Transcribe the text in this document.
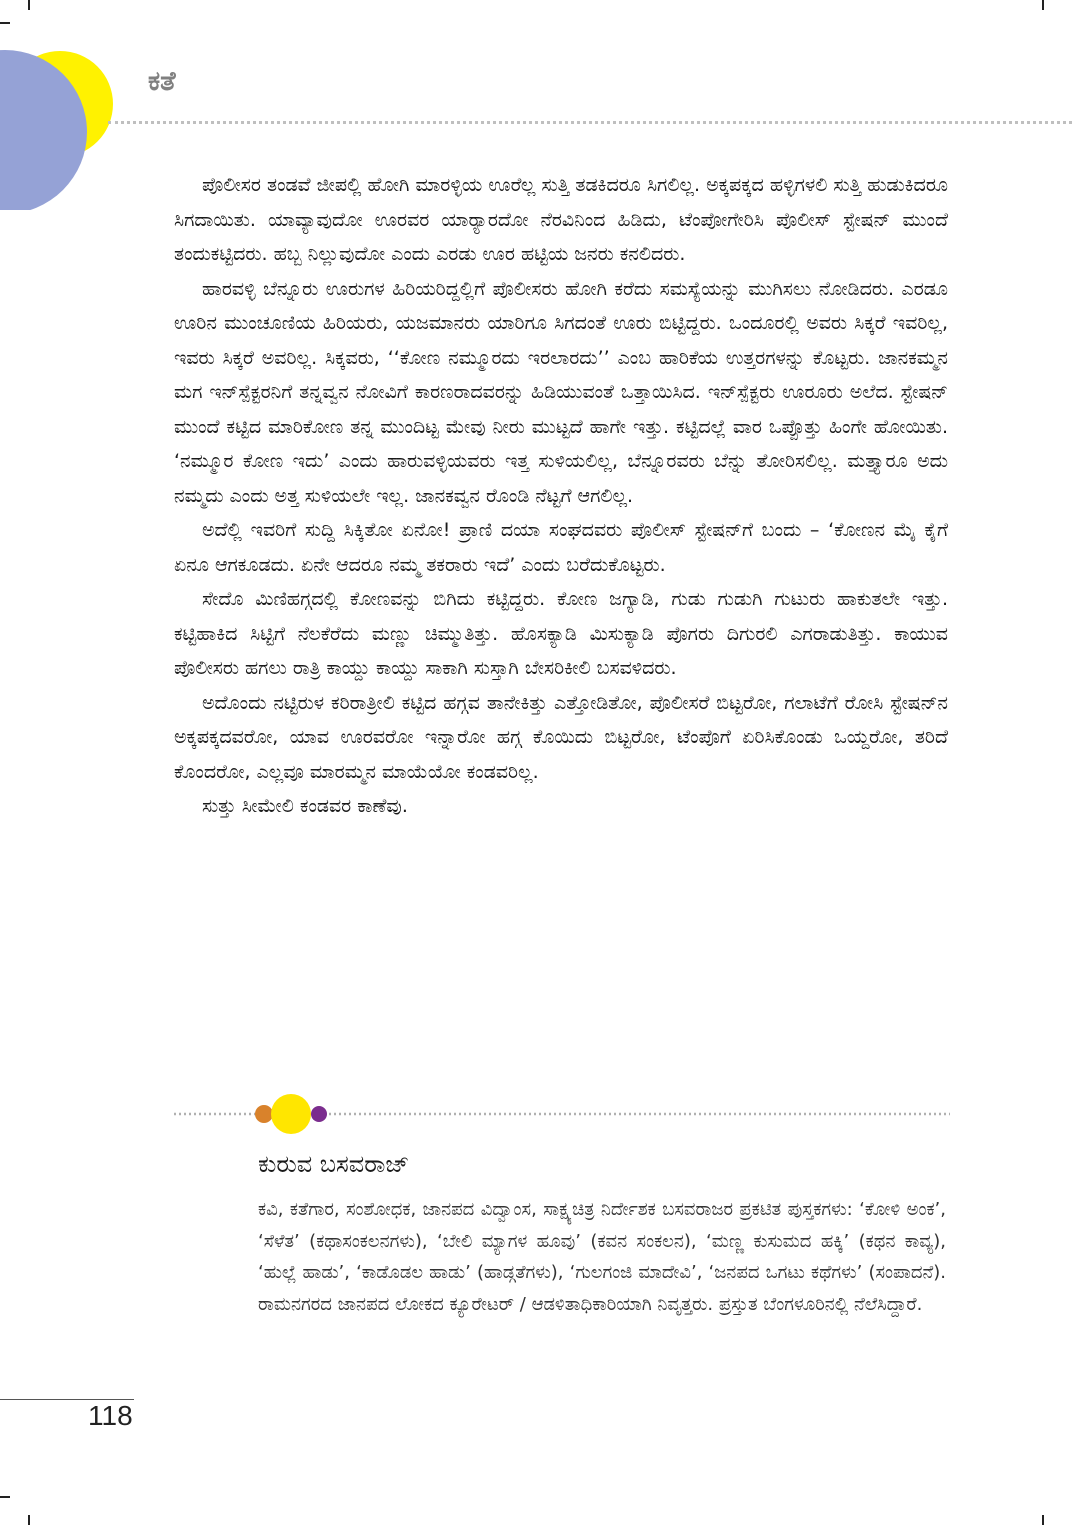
ಕತೆ

ಪೊಲೀಸರ ತಂಡವೆ ಜೀಪಲ್ಲಿ ಹೋಗಿ ಮಾರಳ್ಳಿಯ ಊರೆಲ್ಲ ಸುತ್ತಿ ತಡಕಿದರೂ ಸಿಗಲಿಲ್ಲ. ಅಕ್ಕಪಕ್ಕದ ಹಳ್ಳಿಗಳಲಿ ಸುತ್ತಿ ಹುಡುಕಿದರೂ ಸಿಗದಾಯಿತು. ಯಾವ್ಯಾವುದೋ ಊರವರ ಯಾರ್‍ಯಾರದೋ ನೆರವಿನಿಂದ ಹಿಡಿದು, ಟೆಂಪೋಗೇರಿಸಿ ಪೊಲೀಸ್ ಸ್ಟೇಷನ್ ಮುಂದೆ ತಂದುಕಟ್ಟಿದರು. ಹಬ್ಬ ನಿಲ್ಲುವುದೋ ಎಂದು ಎರಡು ಊರ ಹಟ್ಟಿಯ ಜನರು ಕನಲಿದರು.

ಹಾರವಳ್ಳಿ ಬೆನ್ನೂರು ಊರುಗಳ ಹಿರಿಯರಿದ್ದಲ್ಲಿಗೆ ಪೊಲೀಸರು ಹೋಗಿ ಕರೆದು ಸಮಸ್ಯೆಯನ್ನು ಮುಗಿಸಲು ನೋಡಿದರು. ಎರಡೂ ಊರಿನ ಮುಂಚೂಣಿಯ ಹಿರಿಯರು, ಯಜಮಾನರು ಯಾರಿಗೂ ಸಿಗದಂತೆ ಊರು ಬಿಟ್ಟಿದ್ದರು. ಒಂದೂರಲ್ಲಿ ಅವರು ಸಿಕ್ಕರೆ ಇವರಿಲ್ಲ, ಇವರು ಸಿಕ್ಕರೆ ಅವರಿಲ್ಲ. ಸಿಕ್ಕವರು, ‘‘ಕೋಣ ನಮ್ಮೂರದು ಇರಲಾರದು’’ ಎಂಬ ಹಾರಿಕೆಯ ಉತ್ತರಗಳನ್ನು ಕೊಟ್ಟರು. ಜಾನಕಮ್ಮನ ಮಗ ಇನ್‌ಸ್ಪೆಕ್ಟರನಿಗೆ ತನ್ನವ್ವನ ನೋವಿಗೆ ಕಾರಣರಾದವರನ್ನು ಹಿಡಿಯುವಂತೆ ಒತ್ತಾಯಿಸಿದ. ಇನ್‌ಸ್ಪೆಕ್ಟರು ಊರೂರು ಅಲೆದ. ಸ್ಟೇಷನ್ ಮುಂದೆ ಕಟ್ಟಿದ ಮಾರಿಕೋಣ ತನ್ನ ಮುಂದಿಟ್ಟ ಮೇವು ನೀರು ಮುಟ್ಟದೆ ಹಾಗೇ ಇತ್ತು. ಕಟ್ಟಿದಲ್ಲೆ ವಾರ ಒಪ್ಪೊತ್ತು ಹಿಂಗೇ ಹೋಯಿತು. ‘ನಮ್ಮೂರ ಕೋಣ ಇದು’ ಎಂದು ಹಾರುವಳ್ಳಿಯವರು ಇತ್ತ ಸುಳಿಯಲಿಲ್ಲ, ಬೆನ್ನೂರವರು ಬೆನ್ನು ತೋರಿಸಲಿಲ್ಲ. ಮತ್ತ್ಯಾರೂ ಅದು ನಮ್ಮದು ಎಂದು ಅತ್ತ ಸುಳಿಯಲೇ ಇಲ್ಲ. ಜಾನಕವ್ವನ ರೊಂಡಿ ನೆಟ್ಟಗೆ ಆಗಲಿಲ್ಲ.

ಅದೆಲ್ಲಿ ಇವರಿಗೆ ಸುದ್ದಿ ಸಿಕ್ಕಿತೋ ಏನೋ! ಪ್ರಾಣಿ ದಯಾ ಸಂಘದವರು ಪೊಲೀಸ್ ಸ್ಟೇಷನ್‌ಗೆ ಬಂದು – ‘ಕೋಣನ ಮೈ ಕೈಗೆ ಏನೂ ಆಗಕೂಡದು. ಏನೇ ಆದರೂ ನಮ್ಮ ತಕರಾರು ಇದೆ’ ಎಂದು ಬರೆದುಕೊಟ್ಟರು.

ಸೇದೊ ಮಿಣಿಹಗ್ಗದಲ್ಲಿ ಕೋಣವನ್ನು ಬಿಗಿದು ಕಟ್ಟಿದ್ದರು. ಕೋಣ ಜಗ್ಯಾಡಿ, ಗುಡು ಗುಡುಗಿ ಗುಟುರು ಹಾಕುತಲೇ ಇತ್ತು. ಕಟ್ಟಿಹಾಕಿದ ಸಿಟ್ಟಿಗೆ ನೆಲಕೆರೆದು ಮಣ್ಣು ಚಿಮ್ಮುತಿತ್ತು. ಹೊಸಕ್ಯಾಡಿ ಮಿಸುಕ್ಯಾಡಿ ಪೊಗರು ದಿಗುರಲಿ ಎಗರಾಡುತಿತ್ತು. ಕಾಯುವ ಪೊಲೀಸರು ಹಗಲು ರಾತ್ರಿ ಕಾಯ್ದು ಕಾಯ್ದು ಸಾಕಾಗಿ ಸುಸ್ತಾಗಿ ಬೇಸರಿಕೀಲಿ ಬಸವಳಿದರು.

ಅದೊಂದು ನಟ್ಟಿರುಳ ಕರಿರಾತ್ರೀಲಿ ಕಟ್ಟಿದ ಹಗ್ಗವ ತಾನೇಕಿತ್ತು ಎತ್ತೋಡಿತೋ, ಪೊಲೀಸರೆ ಬಿಟ್ಟರೋ, ಗಲಾಟೆಗೆ ರೋಸಿ ಸ್ಟೇಷನ್‌ನ ಅಕ್ಕಪಕ್ಕದವರೋ, ಯಾವ ಊರವರೋ ಇನ್ನಾರೋ ಹಗ್ಗ ಕೊಯಿದು ಬಿಟ್ಟರೋ, ಟೆಂಪೊಗೆ ಏರಿಸಿಕೊಂಡು ಒಯ್ದರೋ, ತರಿದೆ ಕೊಂದರೋ, ಎಲ್ಲವೂ ಮಾರಮ್ಮನ ಮಾಯೆಯೋ ಕಂಡವರಿಲ್ಲ.

ಸುತ್ತು ಸೀಮೇಲಿ ಕಂಡವರ ಕಾಣೆವು.

ಕುರುವ ಬಸವರಾಜ್

ಕವಿ, ಕತೆಗಾರ, ಸಂಶೋಧಕ, ಜಾನಪದ ವಿದ್ವಾಂಸ, ಸಾಕ್ಷ್ಯಚಿತ್ರ ನಿರ್ದೇಶಕ ಬಸವರಾಜರ ಪ್ರಕಟಿತ ಪುಸ್ತಕಗಳು: ‘ಕೋಳಿ ಅಂಕ’, ‘ಸೆಳೆತ’ (ಕಥಾಸಂಕಲನಗಳು), ‘ಬೇಲಿ ಮ್ಯಾಗಳ ಹೂವು’ (ಕವನ ಸಂಕಲನ), ‘ಮಣ್ಣ ಕುಸುಮದ ಹಕ್ಕಿ’ (ಕಥನ ಕಾವ್ಯ), ‘ಹುಲ್ಲೆ ಹಾಡು’, ‘ಕಾಡೊಡಲ ಹಾಡು’ (ಹಾಡ್ಗತೆಗಳು), ‘ಗುಲಗಂಜಿ ಮಾದೇವಿ’, ‘ಜನಪದ ಒಗಟು ಕಥೆಗಳು’ (ಸಂಪಾದನೆ). ರಾಮನಗರದ ಜಾನಪದ ಲೋಕದ ಕ್ಯೂರೇಟರ್ / ಆಡಳಿತಾಧಿಕಾರಿಯಾಗಿ ನಿವೃತ್ತರು. ಪ್ರಸ್ತುತ ಬೆಂಗಳೂರಿನಲ್ಲಿ ನೆಲೆಸಿದ್ದಾರೆ.

118
